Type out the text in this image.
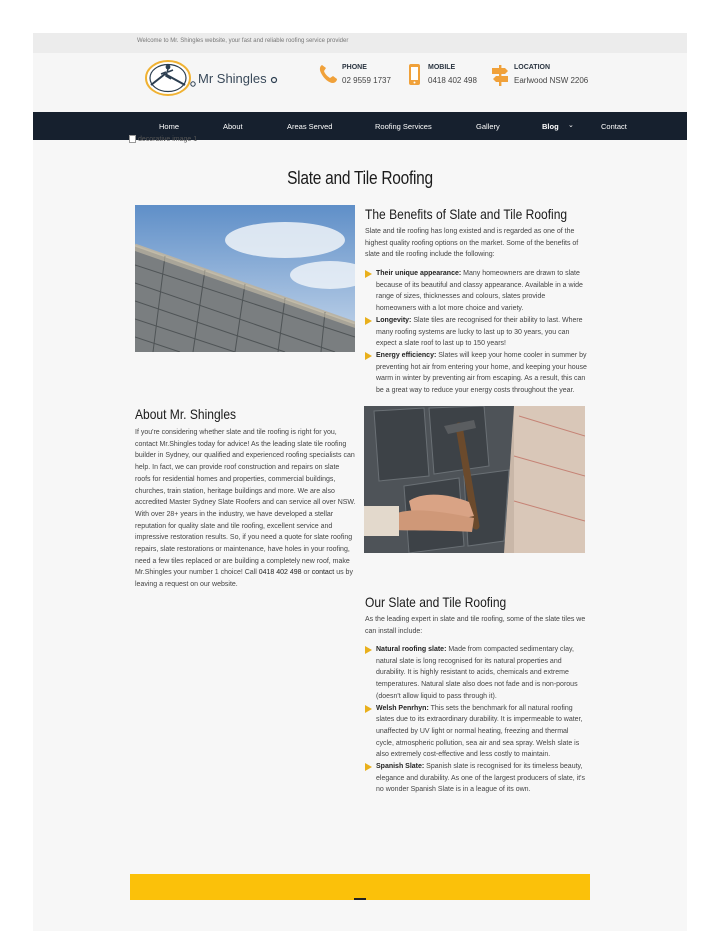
Welcome to Mr. Shingles website, your fast and reliable roofing service provider
Mr Shingles
PHONE
02 9559 1737
MOBILE
0418 402 498
LOCATION
Earlwood NSW 2206
Home	About	Areas Served	Roofing Services	Gallery	Blog ⌄	Contact
decorative image 1
Slate and Tile Roofing
The Benefits of Slate and Tile Roofing

Slate and tile roofing has long existed and is regarded as one of the highest quality roofing options on the market. Some of the benefits of slate and tile roofing include the following:

Their unique appearance: Many homeowners are drawn to slate because of its beautiful and classy appearance. Available in a wide range of sizes, thicknesses and colours, slates provide homeowners with a lot more choice and variety.
Longevity: Slate tiles are recognised for their ability to last. Where many roofing systems are lucky to last up to 30 years, you can expect a slate roof to last up to 150 years!
Energy efficiency: Slates will keep your home cooler in summer by preventing hot air from entering your home, and keeping your house warm in winter by preventing air from escaping. As a result, this can be a great way to reduce your energy costs throughout the year.
About Mr. Shingles

If you're considering whether slate and tile roofing is right for you, contact Mr.Shingles today for advice! As the leading slate tile roofing builder in Sydney, our qualified and experienced roofing specialists can help. In fact, we can provide roof construction and repairs on slate roofs for residential homes and properties, commercial buildings, churches, train station, heritage buildings and more. We are also accredited Master Sydney Slate Roofers and can service all over NSW. With over 28+ years in the industry, we have developed a stellar reputation for quality slate and tile roofing, excellent service and impressive restoration results. So, if you need a quote for slate roofing repairs, slate restorations or maintenance, have holes in your roofing, need a few tiles replaced or are building a completely new roof, make Mr.Shingles your number 1 choice! Call 0418 402 498 or contact us by leaving a request on our website.

Our Slate and Tile Roofing

As the leading expert in slate and tile roofing, some of the slate tiles we can install include:

Natural roofing slate: Made from compacted sedimentary clay, natural slate is long recognised for its natural properties and durability. It is highly resistant to acids, chemicals and extreme temperatures. Natural slate also does not fade and is non-porous (doesn't allow liquid to pass through it).
Welsh Penrhyn: This sets the benchmark for all natural roofing slates due to its extraordinary durability. It is impermeable to water, unaffected by UV light or normal heating, freezing and thermal cycle, atmospheric pollution, sea air and sea spray. Welsh slate is also extremely cost-effective and less costly to maintain.
Spanish Slate: Spanish slate is recognised for its timeless beauty, elegance and durability. As one of the largest producers of slate, it's no wonder Spanish Slate is in a league of its own.
